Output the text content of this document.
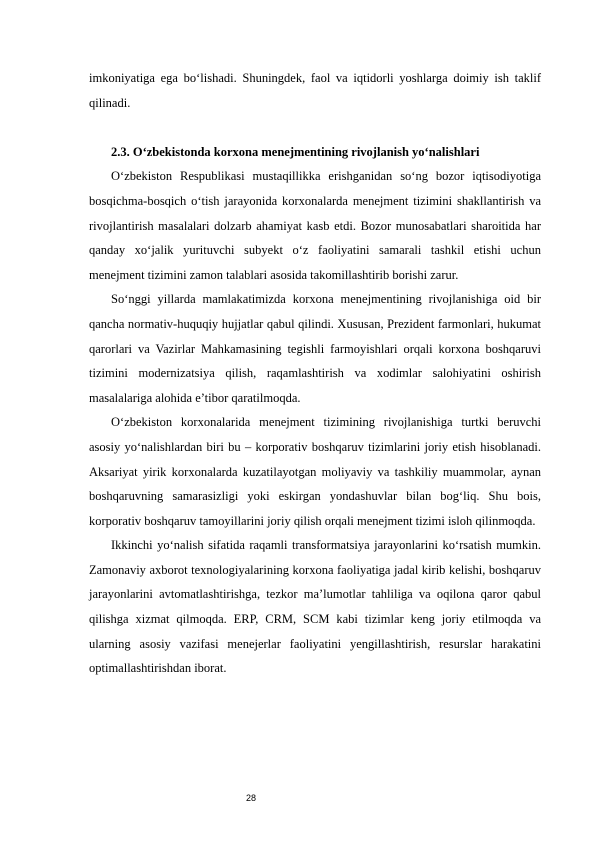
imkoniyatiga ega bo‘lishadi. Shuningdek, faol va iqtidorli yoshlarga doimiy ish taklif qilinadi.

2.3. O‘zbekistonda korxona menejmentining rivojlanish yo‘nalishlari

O‘zbekiston Respublikasi mustaqillikka erishganidan so‘ng bozor iqtisodiyotiga bosqichma-bosqich o‘tish jarayonida korxonalarda menejment tizimini shakllantirish va rivojlantirish masalalari dolzarb ahamiyat kasb etdi. Bozor munosabatlari sharoitida har qanday xo‘jalik yurituvchi subyekt o‘z faoliyatini samarali tashkil etishi uchun menejment tizimini zamon talablari asosida takomillashtirib borishi zarur.

So‘nggi yillarda mamlakatimizda korxona menejmentining rivojlanishiga oid bir qancha normativ-huquqiy hujjatlar qabul qilindi. Xususan, Prezident farmonlari, hukumat qarorlari va Vazirlar Mahkamasining tegishli farmoyishlari orqali korxona boshqaruvi tizimini modernizatsiya qilish, raqamlashtirish va xodimlar salohiyatini oshirish masalalariga alohida e’tibor qaratilmoqda.

O‘zbekiston korxonalarida menejment tizimining rivojlanishiga turtki beruvchi asosiy yo‘nalishlardan biri bu – korporativ boshqaruv tizimlarini joriy etish hisoblanadi. Aksariyat yirik korxonalarda kuzatilayotgan moliyaviy va tashkiliy muammolar, aynan boshqaruvning samarasizligi yoki eskirgan yondashuvlar bilan bog‘liq. Shu bois, korporativ boshqaruv tamoyillarini joriy qilish orqali menejment tizimi isloh qilinmoqda.

Ikkinchi yo‘nalish sifatida raqamli transformatsiya jarayonlarini ko‘rsatish mumkin. Zamonaviy axborot texnologiyalarining korxona faoliyatiga jadal kirib kelishi, boshqaruv jarayonlarini avtomatlashtirishga, tezkor ma’lumotlar tahliliga va oqilona qaror qabul qilishga xizmat qilmoqda. ERP, CRM, SCM kabi tizimlar keng joriy etilmoqda va ularning asosiy vazifasi menejerlar faoliyatini yengillashtirish, resurslar harakatini optimallashtirishdan iborat.

28
